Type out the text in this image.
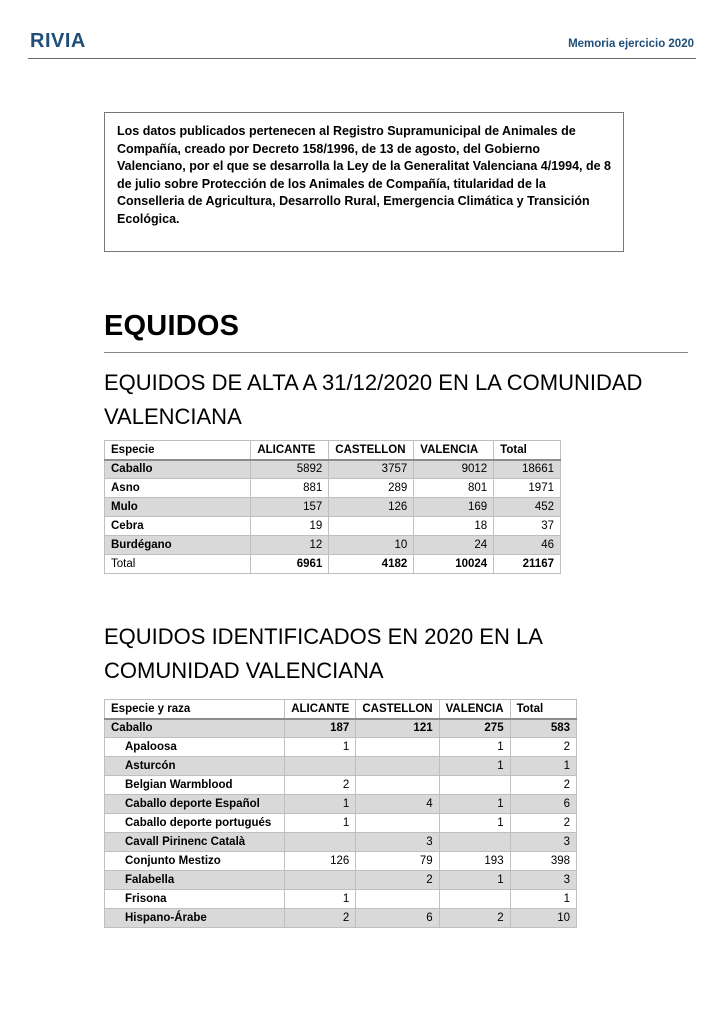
RIVIA	Memoria ejercicio 2020
Los datos publicados pertenecen al Registro Supramunicipal de Animales de Compañía, creado por Decreto 158/1996, de 13 de agosto, del Gobierno Valenciano, por el que se desarrolla la Ley de la Generalitat Valenciana 4/1994, de 8 de julio sobre Protección de los Animales de Compañía, titularidad de la Conselleria de Agricultura, Desarrollo Rural, Emergencia Climática y Transición Ecológica.
EQUIDOS
EQUIDOS DE ALTA A 31/12/2020 EN LA COMUNIDAD VALENCIANA
Especie	ALICANTE	CASTELLON	VALENCIA	Total
Caballo	5892	3757	9012	18661
Asno	881	289	801	1971
Mulo	157	126	169	452
Cebra	19		18	37
Burdégano	12	10	24	46
Total	6961	4182	10024	21167
EQUIDOS IDENTIFICADOS EN 2020 EN LA COMUNIDAD VALENCIANA
Especie y raza	ALICANTE	CASTELLON	VALENCIA	Total
Caballo	187	121	275	583
Apaloosa	1		1	2
Asturcón			1	1
Belgian Warmblood	2			2
Caballo deporte Español	1	4	1	6
Caballo deporte portugués	1		1	2
Cavall Pirinenc Català		3		3
Conjunto Mestizo	126	79	193	398
Falabella		2	1	3
Frisona	1			1
Hispano-Árabe	2	6	2	10
